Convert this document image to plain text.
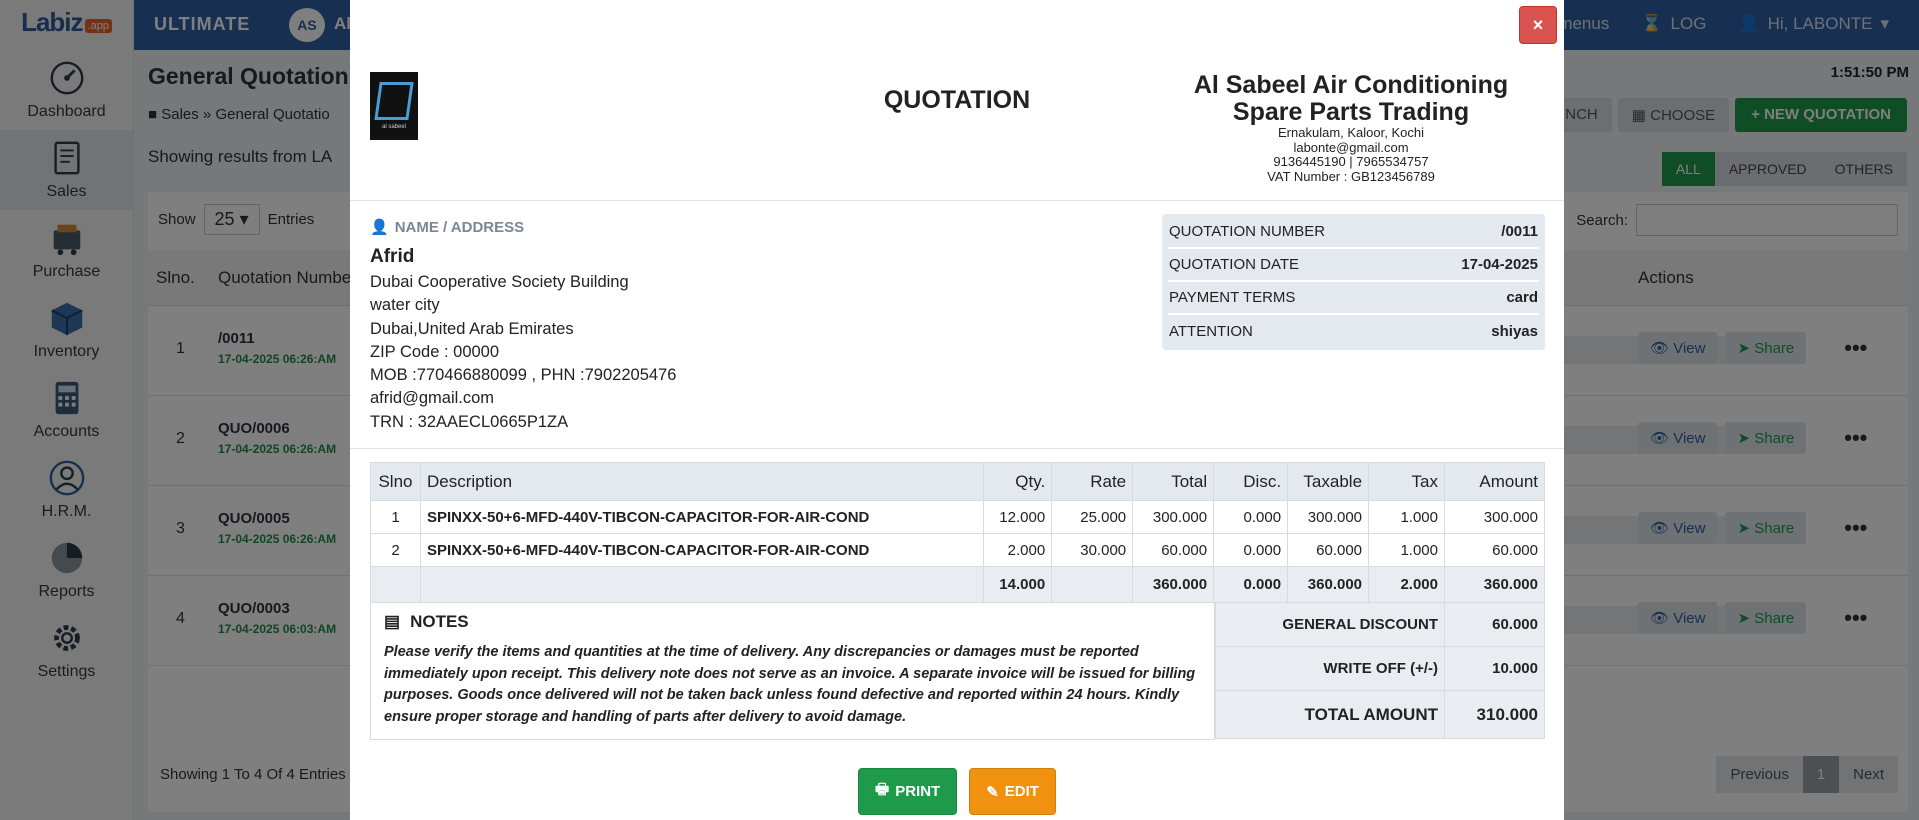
al sabeel
QUOTATION
Al Sabeel Air Conditioning
Spare Parts Trading
Ernakulam, Kaloor, Kochi
labonte@gmail.com
9136445190 | 7965534757
VAT Number : GB123456789
👤 NAME / ADDRESS
Afrid
Dubai Cooperative Society Building
water city
Dubai,United Arab Emirates
ZIP Code : 00000
MOB :770466880099 , PHN :7902205476
afrid@gmail.com
TRN : 32AAECL0665P1ZA
QUOTATION NUMBER	/0011
QUOTATION DATE	17-04-2025
PAYMENT TERMS	card
ATTENTION	shiyas
Slno	Description	Qty.	Rate	Total	Disc.	Taxable	Tax	Amount
1	SPINXX-50+6-MFD-440V-TIBCON-CAPACITOR-FOR-AIR-COND	12.000	25.000	300.000	0.000	300.000	1.000	300.000
2	SPINXX-50+6-MFD-440V-TIBCON-CAPACITOR-FOR-AIR-COND	2.000	30.000	60.000	0.000	60.000	1.000	60.000
		14.000		360.000	0.000	360.000	2.000	360.000
▤ NOTES
Please verify the items and quantities at the time of delivery. Any discrepancies or damages must be reported immediately upon receipt. This delivery note does not serve as an invoice. A separate invoice will be issued for billing purposes. Goods once delivered will not be taken back unless found defective and reported within 24 hours. Kindly ensure proper storage and handling of parts after delivery to avoid damage.
GENERAL DISCOUNT	60.000
WRITE OFF (+/-)	10.000
TOTAL AMOUNT	310.000
🖶 PRINT	✎ EDIT
×
